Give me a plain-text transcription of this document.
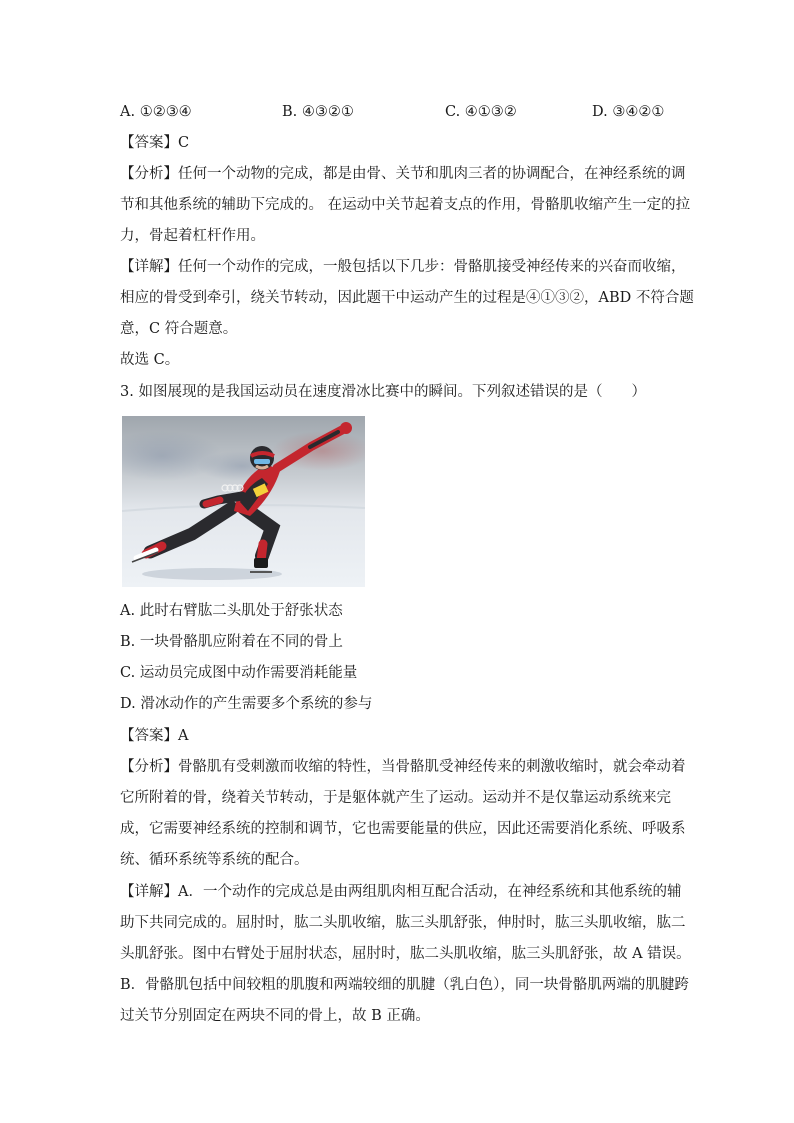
A. ①②③④	B. ④③②①	C. ④①③②	D. ③④②①
【答案】C
【分析】任何一个动物的完成，都是由骨、关节和肌肉三者的协调配合，在神经系统的调
节和其他系统的辅助下完成的。 在运动中关节起着支点的作用，骨骼肌收缩产生一定的拉
力，骨起着杠杆作用。
【详解】任何一个动作的完成，一般包括以下几步：骨骼肌接受神经传来的兴奋而收缩，
相应的骨受到牵引，绕关节转动，因此题干中运动产生的过程是④①③②，ABD 不符合题
意，C 符合题意。
故选 C。
3. 如图展现的是我国运动员在速度滑冰比赛中的瞬间。下列叙述错误的是（　　）
A. 此时右臂肱二头肌处于舒张状态
B. 一块骨骼肌应附着在不同的骨上
C. 运动员完成图中动作需要消耗能量
D. 滑冰动作的产生需要多个系统的参与
【答案】A
【分析】骨骼肌有受刺激而收缩的特性，当骨骼肌受神经传来的刺激收缩时，就会牵动着
它所附着的骨，绕着关节转动，于是躯体就产生了运动。运动并不是仅靠运动系统来完
成，它需要神经系统的控制和调节，它也需要能量的供应，因此还需要消化系统、呼吸系
统、循环系统等系统的配合。
【详解】A．一个动作的完成总是由两组肌肉相互配合活动，在神经系统和其他系统的辅
助下共同完成的。屈肘时，肱二头肌收缩，肱三头肌舒张，伸肘时，肱三头肌收缩，肱二
头肌舒张。图中右臂处于屈肘状态，屈肘时，肱二头肌收缩，肱三头肌舒张，故 A 错误。
B．骨骼肌包括中间较粗的肌腹和两端较细的肌腱（乳白色），同一块骨骼肌两端的肌腱跨
过关节分别固定在两块不同的骨上，故 B 正确。
